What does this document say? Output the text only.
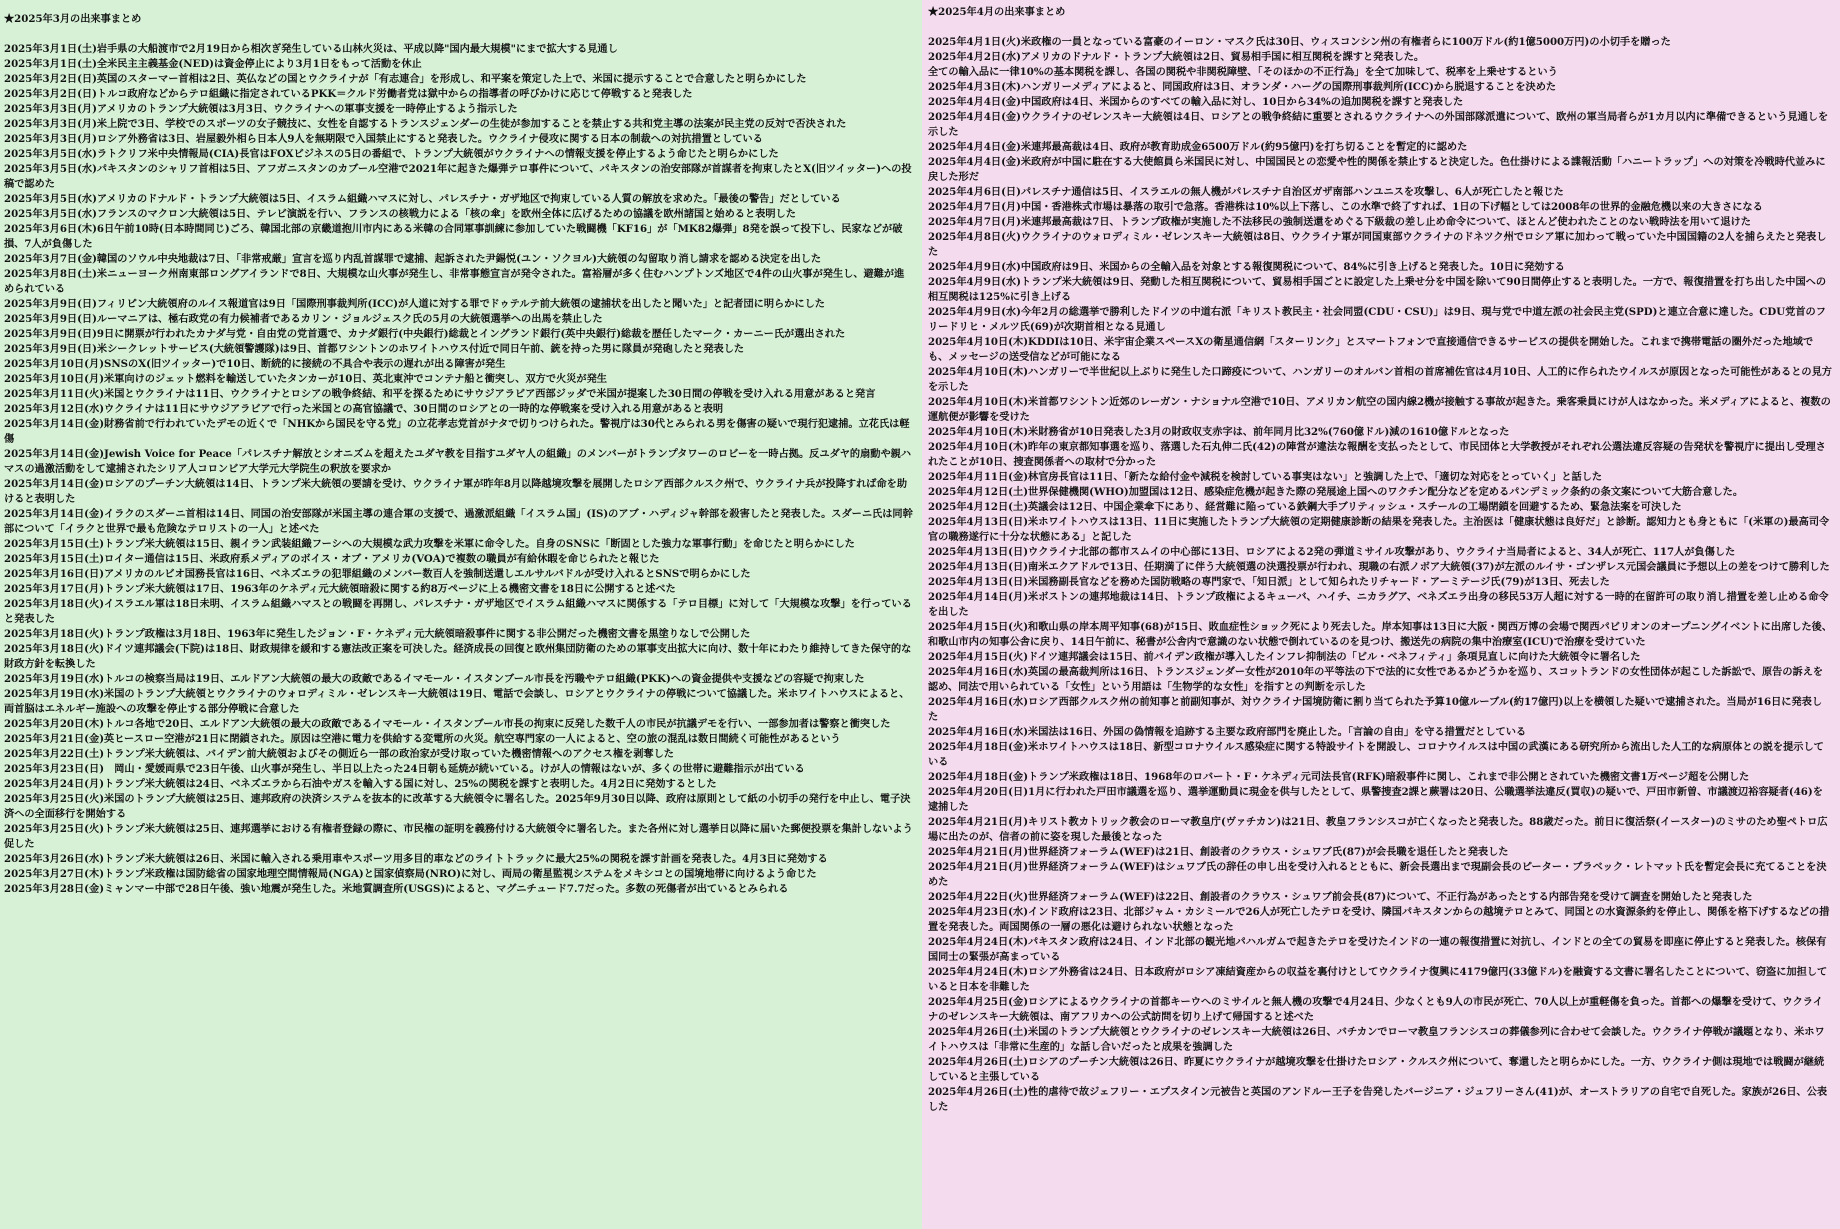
★2025年3月の出来事まとめ
2025年3月1日(土)岩手県の大船渡市で2月19日から相次ぎ発生している山林火災は、平成以降"国内最大規模"にまで拡大する見通し
2025年3月1日(土)全米民主主義基金(NED)は資金停止により3月1日をもって活動を休止
2025年3月2日(日)英国のスターマー首相は2日、英仏などの国とウクライナが「有志連合」を形成し、和平案を策定した上で、米国に提示することで合意したと明らかにした
2025年3月2日(日)トルコ政府などからテロ組織に指定されているPKK＝クルド労働者党は獄中からの指導者の呼びかけに応じて停戦すると発表した
2025年3月3日(月)アメリカのトランプ大統領は3月3日、ウクライナへの軍事支援を一時停止するよう指示した
2025年3月3日(月)米上院で3日、学校でのスポーツの女子競技に、女性を自認するトランスジェンダーの生徒が参加することを禁止する共和党主導の法案が民主党の反対で否決された
2025年3月3日(月)ロシア外務省は3日、岩屋毅外相ら日本人9人を無期限で入国禁止にすると発表した。ウクライナ侵攻に関する日本の制裁への対抗措置としている
2025年3月5日(水)ラトクリフ米中央情報局(CIA)長官はFOXビジネスの5日の番組で、トランプ大統領がウクライナへの情報支援を停止するよう命じたと明らかにした
2025年3月5日(水)パキスタンのシャリフ首相は5日、アフガニスタンのカブール空港で2021年に起きた爆弾テロ事件について、パキスタンの治安部隊が首謀者を拘束したとX(旧ツイッター)への投稿で認めた
2025年3月5日(水)アメリカのドナルド・トランプ大統領は5日、イスラム組織ハマスに対し、パレスチナ・ガザ地区で拘束している人質の解放を求めた。「最後の警告」だとしている
2025年3月5日(水)フランスのマクロン大統領は5日、テレビ演説を行い、フランスの核戦力による「核の傘」を欧州全体に広げるための協議を欧州諸国と始めると表明した
2025年3月6日(木)6日午前10時(日本時間同じ)ごろ、韓国北部の京畿道抱川市内にある米韓の合同軍事訓練に参加していた戦闘機「KF16」が「MK82爆弾」8発を誤って投下し、民家などが破損、7人が負傷した
2025年3月7日(金)韓国のソウル中央地裁は7日、「非常戒厳」宣言を巡り内乱首謀罪で逮捕、起訴された尹錫悦(ユン・ソクヨル)大統領の勾留取り消し請求を認める決定を出した
2025年3月8日(土)米ニューヨーク州南東部ロングアイランドで8日、大規模な山火事が発生し、非常事態宣言が発令された。富裕層が多く住むハンプトンズ地区で4件の山火事が発生し、避難が進められている
2025年3月9日(日)フィリピン大統領府のルイス報道官は9日「国際刑事裁判所(ICC)が人道に対する罪でドゥテルテ前大統領の逮捕状を出したと聞いた」と記者団に明らかにした
2025年3月9日(日)ルーマニアは、極右政党の有力候補者であるカリン・ジョルジェスク氏の5月の大統領選挙への出馬を禁止した
2025年3月9日(日)9日に開票が行われたカナダ与党・自由党の党首選で、カナダ銀行(中央銀行)総裁とイングランド銀行(英中央銀行)総裁を歴任したマーク・カーニー氏が選出された
2025年3月9日(日)米シークレットサービス(大統領警護隊)は9日、首都ワシントンのホワイトハウス付近で同日午前、銃を持った男に隊員が発砲したと発表した
2025年3月10日(月)SNSのX(旧ツイッター)で10日、断続的に接続の不具合や表示の遅れが出る障害が発生
2025年3月10日(月)米軍向けのジェット燃料を輸送していたタンカーが10日、英北東沖でコンテナ船と衝突し、双方で火災が発生
2025年3月11日(火)米国とウクライナは11日、ウクライナとロシアの戦争終結、和平を探るためにサウジアラビア西部ジッダで米国が提案した30日間の停戦を受け入れる用意があると発言
2025年3月12日(水)ウクライナは11日にサウジアラビアで行った米国との高官協議で、30日間のロシアとの一時的な停戦案を受け入れる用意があると表明
2025年3月14日(金)財務省前で行われていたデモの近くで「NHKから国民を守る党」の立花孝志党首がナタで切りつけられた。警視庁は30代とみられる男を傷害の疑いで現行犯逮捕。立花氏は軽傷
2025年3月14日(金)Jewish Voice for Peace「パレスチナ解放とシオニズムを超えたユダヤ教を目指すユダヤ人の組織」のメンバーがトランプタワーのロビーを一時占拠。反ユダヤ的扇動や親ハマスの過激活動をして逮捕されたシリア人コロンビア大学元大学院生の釈放を要求か
2025年3月14日(金)ロシアのプーチン大統領は14日、トランプ米大統領の要請を受け、ウクライナ軍が昨年8月以降越境攻撃を展開したロシア西部クルスク州で、ウクライナ兵が投降すれば命を助けると表明した
2025年3月14日(金)イラクのスダーニ首相は14日、同国の治安部隊が米国主導の連合軍の支援で、過激派組織「イスラム国」(IS)のアブ・ハディジャ幹部を殺害したと発表した。スダーニ氏は同幹部について「イラクと世界で最も危険なテロリストの一人」と述べた
2025年3月15日(土)トランプ米大統領は15日、親イラン武装組織フーシへの大規模な武力攻撃を米軍に命令した。自身のSNSに「断固とした強力な軍事行動」を命じたと明らかにした
2025年3月15日(土)ロイター通信は15日、米政府系メディアのボイス・オブ・アメリカ(VOA)で複数の職員が有給休暇を命じられたと報じた
2025年3月16日(日)アメリカのルビオ国務長官は16日、ベネズエラの犯罪組織のメンバー数百人を強制送還しエルサルバドルが受け入れるとSNSで明らかにした
2025年3月17日(月)トランプ米大統領は17日、1963年のケネディ元大統領暗殺に関する約8万ページに上る機密文書を18日に公開すると述べた
2025年3月18日(火)イスラエル軍は18日未明、イスラム組織ハマスとの戦闘を再開し、パレスチナ・ガザ地区でイスラム組織ハマスに関係する「テロ目標」に対して「大規模な攻撃」を行っていると発表した
2025年3月18日(火)トランプ政権は3月18日、1963年に発生したジョン・F・ケネディ元大統領暗殺事件に関する非公開だった機密文書を黒塗りなしで公開した
2025年3月18日(火)ドイツ連邦議会(下院)は18日、財政規律を緩和する憲法改正案を可決した。経済成長の回復と欧州集団防衛のための軍事支出拡大に向け、数十年にわたり維持してきた保守的な財政方針を転換した
2025年3月19日(水)トルコの検察当局は19日、エルドアン大統領の最大の政敵であるイマモール・イスタンブール市長を汚職やテロ組織(PKK)への資金提供や支援などの容疑で拘束した
2025年3月19日(水)米国のトランプ大統領とウクライナのウォロディミル・ゼレンスキー大統領は19日、電話で会談し、ロシアとウクライナの停戦について協議した。米ホワイトハウスによると、両首脳はエネルギー施設への攻撃を停止する部分停戦に合意した
2025年3月20日(木)トルコ各地で20日、エルドアン大統領の最大の政敵であるイマモール・イスタンブール市長の拘束に反発した数千人の市民が抗議デモを行い、一部参加者は警察と衝突した
2025年3月21日(金)英ヒースロー空港が21日に閉鎖された。原因は空港に電力を供給する変電所の火災。航空専門家の一人によると、空の旅の混乱は数日間続く可能性があるという
2025年3月22日(土)トランプ米大統領は、バイデン前大統領およびその側近ら一部の政治家が受け取っていた機密情報へのアクセス権を剥奪した
2025年3月23日(日)　岡山・愛媛両県で23日午後、山火事が発生し、半日以上たった24日朝も延焼が続いている。けが人の情報はないが、多くの世帯に避難指示が出ている
2025年3月24日(月)トランプ米大統領は24日、ベネズエラから石油やガスを輸入する国に対し、25%の関税を課すと表明した。4月2日に発効するとした
2025年3月25日(火)米国のトランプ大統領は25日、連邦政府の決済システムを抜本的に改革する大統領令に署名した。2025年9月30日以降、政府は原則として紙の小切手の発行を中止し、電子決済への全面移行を開始する
2025年3月25日(火)トランプ米大統領は25日、連邦選挙における有権者登録の際に、市民権の証明を義務付ける大統領令に署名した。また各州に対し選挙日以降に届いた郵便投票を集計しないよう促した
2025年3月26日(水)トランプ米大統領は26日、米国に輸入される乗用車やスポーツ用多目的車などのライトトラックに最大25%の関税を課す計画を発表した。4月3日に発効する
2025年3月27日(木)トランプ米政権は国防総省の国家地理空間情報局(NGA)と国家偵察局(NRO)に対し、両局の衛星監視システムをメキシコとの国境地帯に向けるよう命じた
2025年3月28日(金)ミャンマー中部で28日午後、強い地震が発生した。米地質調査所(USGS)によると、マグニチュード7.7だった。多数の死傷者が出ているとみられる
★2025年4月の出来事まとめ
2025年4月1日(火)米政権の一員となっている富豪のイーロン・マスク氏は30日、ウィスコンシン州の有権者らに100万ドル(約1億5000万円)の小切手を贈った
2025年4月2日(水)アメリカのドナルド・トランプ大統領は2日、貿易相手国に相互関税を課すと発表した。
全ての輸入品に一律10%の基本関税を課し、各国の関税や非関税障壁、「そのほかの不正行為」を全て加味して、税率を上乗せするという
2025年4月3日(木)ハンガリーメディアによると、同国政府は3日、オランダ・ハーグの国際刑事裁判所(ICC)から脱退することを決めた
2025年4月4日(金)中国政府は4日、米国からのすべての輸入品に対し、10日から34%の追加関税を課すと発表した
2025年4月4日(金)ウクライナのゼレンスキー大統領は4日、ロシアとの戦争終結に重要とされるウクライナへの外国部隊派遣について、欧州の軍当局者らが1カ月以内に準備できるという見通しを示した
2025年4月4日(金)米連邦最高裁は4日、政府が教育助成金6500万ドル(約95億円)を打ち切ることを暫定的に認めた
2025年4月4日(金)米政府が中国に駐在する大使館員ら米国民に対し、中国国民との恋愛や性的関係を禁止すると決定した。色仕掛けによる諜報活動「ハニートラップ」への対策を冷戦時代並みに戻した形だ
2025年4月6日(日)パレスチナ通信は5日、イスラエルの無人機がパレスチナ自治区ガザ南部ハンユニスを攻撃し、6人が死亡したと報じた
2025年4月7日(月)中国・香港株式市場は暴落の取引で急落。香港株は10%以上下落し、この水準で終了すれば、1日の下げ幅としては2008年の世界的金融危機以来の大きさになる
2025年4月7日(月)米連邦最高裁は7日、トランプ政権が実施した不法移民の強制送還をめぐる下級裁の差し止め命令について、ほとんど使われたことのない戦時法を用いて退けた
2025年4月8日(火)ウクライナのウォロディミル・ゼレンスキー大統領は8日、ウクライナ軍が同国東部ウクライナのドネツク州でロシア軍に加わって戦っていた中国国籍の2人を捕らえたと発表した
2025年4月9日(水)中国政府は9日、米国からの全輸入品を対象とする報復関税について、84%に引き上げると発表した。10日に発効する
2025年4月9日(水)トランプ米大統領は9日、発動した相互関税について、貿易相手国ごとに設定した上乗せ分を中国を除いて90日間停止すると表明した。一方で、報復措置を打ち出した中国への相互関税は125%に引き上げる
2025年4月9日(水)今年2月の総選挙で勝利したドイツの中道右派「キリスト教民主・社会同盟(CDU・CSU)」は9日、現与党で中道左派の社会民主党(SPD)と連立合意に達した。CDU党首のフリードリヒ・メルツ氏(69)が次期首相となる見通し
2025年4月10日(木)KDDIは10日、米宇宙企業スペースXの衛星通信網「スターリンク」とスマートフォンで直接通信できるサービスの提供を開始した。これまで携帯電話の圏外だった地域でも、メッセージの送受信などが可能になる
2025年4月10日(木)ハンガリーで半世紀以上ぶりに発生した口蹄疫について、ハンガリーのオルバン首相の首席補佐官は4月10日、人工的に作られたウイルスが原因となった可能性があるとの見方を示した
2025年4月10日(木)米首都ワシントン近郊のレーガン・ナショナル空港で10日、アメリカン航空の国内線2機が接触する事故が起きた。乗客乗員にけが人はなかった。米メディアによると、複数の運航便が影響を受けた
2025年4月10日(木)米財務省が10日発表した3月の財政収支赤字は、前年同月比32%(760億ドル)減の1610億ドルとなった
2025年4月10日(木)昨年の東京都知事選を巡り、落選した石丸伸二氏(42)の陣営が違法な報酬を支払ったとして、市民団体と大学教授がそれぞれ公選法違反容疑の告発状を警視庁に提出し受理されたことが10日、捜査関係者への取材で分かった
2025年4月11日(金)林官房長官は11日、「新たな給付金や減税を検討している事実はない」と強調した上で、「適切な対応をとっていく」と話した
2025年4月12日(土)世界保健機関(WHO)加盟国は12日、感染症危機が起きた際の発展途上国へのワクチン配分などを定めるパンデミック条約の条文案について大筋合意した。
2025年4月12日(土)英議会は12日、中国企業傘下にあり、経営難に陥っている鉄鋼大手ブリティッシュ・スチールの工場閉鎖を回避するため、緊急法案を可決した
2025年4月13日(日)米ホワイトハウスは13日、11日に実施したトランプ大統領の定期健康診断の結果を発表した。主治医は「健康状態は良好だ」と診断。認知力とも身ともに「(米軍の)最高司令官の職務遂行に十分な状態にある」と記した
2025年4月13日(日)ウクライナ北部の都市スムイの中心部に13日、ロシアによる2発の弾道ミサイル攻撃があり、ウクライナ当局者によると、34人が死亡、117人が負傷した
2025年4月13日(日)南米エクアドルで13日、任期満了に伴う大統領選の決選投票が行われ、現職の右派ノボア大統領(37)が左派のルイサ・ゴンザレス元国会議員に予想以上の差をつけて勝利した
2025年4月13日(日)米国務副長官などを務めた国防戦略の専門家で、「知日派」として知られたリチャード・アーミテージ氏(79)が13日、死去した
2025年4月14日(月)米ボストンの連邦地裁は14日、トランプ政権によるキューバ、ハイチ、ニカラグア、ベネズエラ出身の移民53万人超に対する一時的在留許可の取り消し措置を差し止める命令を出した
2025年4月15日(火)和歌山県の岸本周平知事(68)が15日、敗血症性ショック死により死去した。岸本知事は13日に大阪・関西万博の会場で関西パビリオンのオープニングイベントに出席した後、和歌山市内の知事公舎に戻り、14日午前に、秘書が公舎内で意識のない状態で倒れているのを見つけ、搬送先の病院の集中治療室(ICU)で治療を受けていた
2025年4月15日(火)ドイツ連邦議会は15日、前バイデン政権が導入したインフレ抑制法の「ビル・ベネフィティ」条項見直しに向けた大統領令に署名した
2025年4月16日(水)英国の最高裁判所は16日、トランスジェンダー女性が2010年の平等法の下で法的に女性であるかどうかを巡り、スコットランドの女性団体が起こした訴訟で、原告の訴えを認め、同法で用いられている「女性」という用語は「生物学的な女性」を指すとの判断を示した
2025年4月16日(水)ロシア西部クルスク州の前知事と前副知事が、対ウクライナ国境防衛に割り当てられた予算10億ルーブル(約17億円)以上を横領した疑いで逮捕された。当局が16日に発表した
2025年4月16日(水)米国法は16日、外国の偽情報を追跡する主要な政府部門を廃止した。「言論の自由」を守る措置だとしている
2025年4月18日(金)米ホワイトハウスは18日、新型コロナウイルス感染症に関する特設サイトを開設し、コロナウイルスは中国の武漢にある研究所から流出した人工的な病原体との説を提示している
2025年4月18日(金)トランプ米政権は18日、1968年のロバート・F・ケネディ元司法長官(RFK)暗殺事件に関し、これまで非公開とされていた機密文書1万ページ超を公開した
2025年4月20日(日)1月に行われた戸田市議選を巡り、選挙運動員に現金を供与したとして、県警捜査2課と蕨署は20日、公職選挙法違反(買収)の疑いで、戸田市新曽、市議渡辺裕容疑者(46)を逮捕した
2025年4月21日(月)キリスト教カトリック教会のローマ教皇庁(ヴァチカン)は21日、教皇フランシスコが亡くなったと発表した。88歳だった。前日に復活祭(イースター)のミサのため聖ペトロ広場に出たのが、信者の前に姿を現した最後となった
2025年4月21日(月)世界経済フォーラム(WEF)は21日、創設者のクラウス・シュワブ氏(87)が会長職を退任したと発表した
2025年4月21日(月)世界経済フォーラム(WEF)はシュワブ氏の辞任の申し出を受け入れるとともに、新会長選出まで現副会長のピーター・ブラベック・レトマット氏を暫定会長に充てることを決めた
2025年4月22日(火)世界経済フォーラム(WEF)は22日、創設者のクラウス・シュワブ前会長(87)について、不正行為があったとする内部告発を受けて調査を開始したと発表した
2025年4月23日(水)インド政府は23日、北部ジャム・カシミールで26人が死亡したテロを受け、隣国パキスタンからの越境テロとみて、同国との水資源条約を停止し、関係を格下げするなどの措置を発表した。両国関係の一層の悪化は避けられない状態となった
2025年4月24日(木)パキスタン政府は24日、インド北部の観光地パハルガムで起きたテロを受けたインドの一連の報復措置に対抗し、インドとの全ての貿易を即座に停止すると発表した。核保有国同士の緊張が高まっている
2025年4月24日(木)ロシア外務省は24日、日本政府がロシア凍結資産からの収益を裏付けとしてウクライナ復興に4179億円(33億ドル)を融資する文書に署名したことについて、窃盗に加担していると日本を非難した
2025年4月25日(金)ロシアによるウクライナの首都キーウへのミサイルと無人機の攻撃で4月24日、少なくとも9人の市民が死亡、70人以上が重軽傷を負った。首都への爆撃を受けて、ウクライナのゼレンスキー大統領は、南アフリカへの公式訪問を切り上げて帰国すると述べた
2025年4月26日(土)米国のトランプ大統領とウクライナのゼレンスキー大統領は26日、バチカンでローマ教皇フランシスコの葬儀参列に合わせて会談した。ウクライナ停戦が議題となり、米ホワイトハウスは「非常に生産的」な話し合いだったと成果を強調した
2025年4月26日(土)ロシアのプーチン大統領は26日、昨夏にウクライナが越境攻撃を仕掛けたロシア・クルスク州について、奪還したと明らかにした。一方、ウクライナ側は現地では戦闘が継続していると主張している
2025年4月26日(土)性的虐待で故ジェフリー・エプスタイン元被告と英国のアンドルー王子を告発したバージニア・ジュフリーさん(41)が、オーストラリアの自宅で自死した。家族が26日、公表した
